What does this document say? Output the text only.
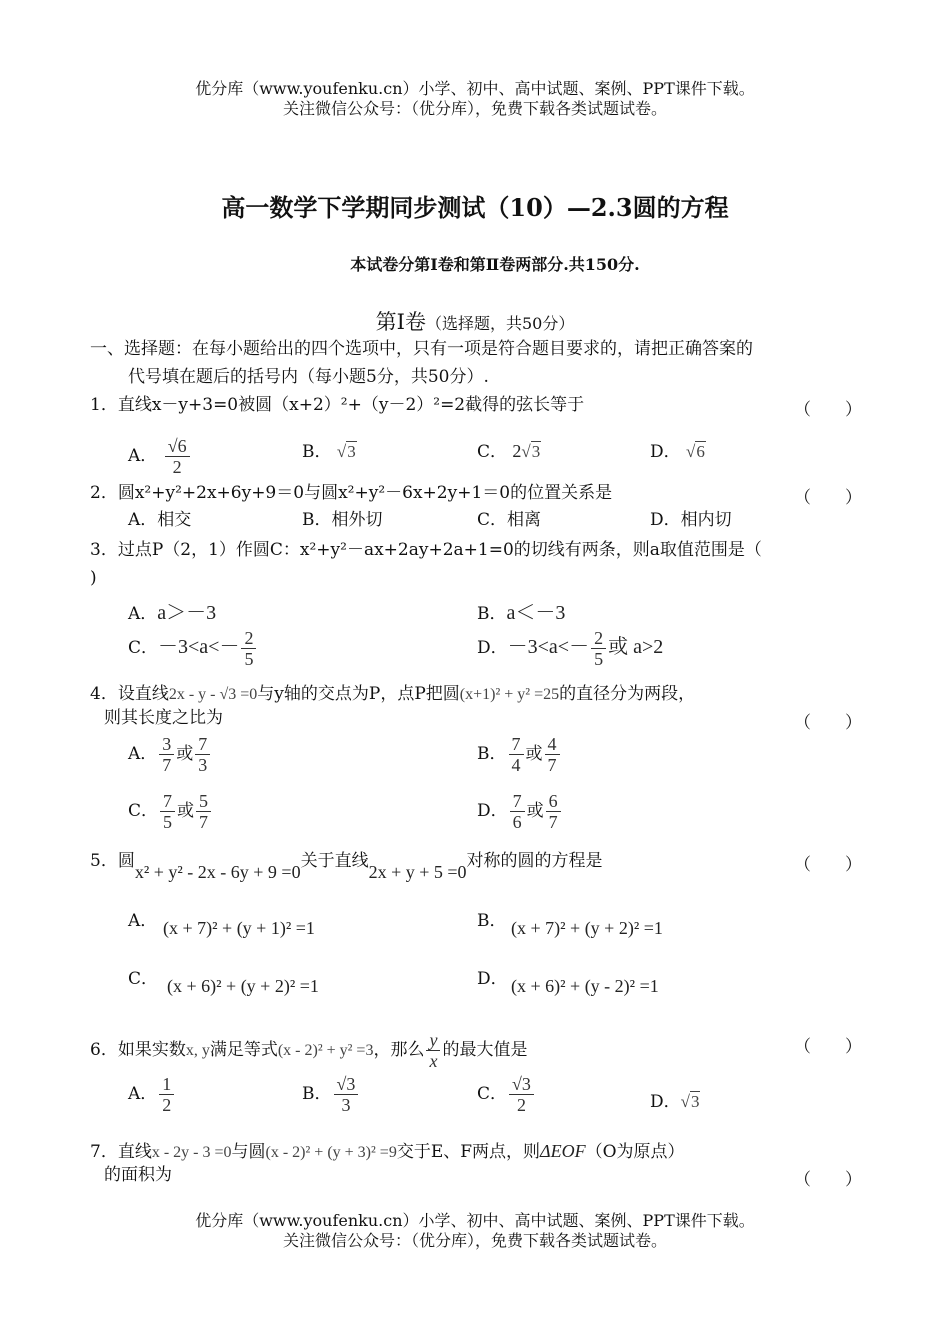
优分库（www.youfenku.cn）小学、初中、高中试题、案例、PPT课件下载。
关注微信公众号：（优分库），免费下载各类试题试卷。
高一数学下学期同步测试（10）—2.3圆的方程
本试卷分第Ⅰ卷和第Ⅱ卷两部分.共150分.
第Ⅰ卷（选择题，共50分）
一、选择题：在每小题给出的四个选项中，只有一项是符合题目要求的，请把正确答案的
代号填在题后的括号内（每小题5分，共50分）.
1．直线x－y+3=0被圆（x+2）²+（y－2）²=2截得的弦长等于	（　　）
A． $\frac{√6}{2}$	B． √3	C． 2√3	D． √6
2．圆x²+y²+2x+6y+9＝0与圆x²+y²－6x+2y+1＝0的位置关系是	（　　）
A．相交	B．相外切	C．相离	D．相内切
3．过点P（2，1）作圆C：x²+y²－ax+2ay+2a+1=0的切线有两条，则a取值范围是（
)
A．a＞－3	B．a＜－3
C．$-3<a<- \frac{2}{5}$	D．$-3<a<- \frac{2}{5}$ 或 a>2
4．设直线2x - y - √3 =0与y轴的交点为P，点P把圆(x+1)² + y² =25的直径分为两段，
则其长度之比为	（　　）
A． $\frac{3}{7}$ 或 $\frac{7}{3}$	B． $\frac{7}{4}$ 或 $\frac{4}{7}$
C． $\frac{7}{5}$ 或 $\frac{5}{7}$	D． $\frac{7}{6}$ 或 $\frac{6}{7}$
5．圆x² + y² - 2x - 6y + 9 =0关于直线2x + y + 5 =0对称的圆的方程是	（　　）
A． (x + 7)² + (y + 1)² =1	B． (x + 7)² + (y + 2)² =1
C． (x + 6)² + (y + 2)² =1	D． (x + 6)² + (y - 2)² =1
6．如果实数x, y满足等式(x - 2)² + y² =3，那么 $\frac{y}{x}$ 的最大值是	（　　）
A． $\frac{1}{2}$	B． $\frac{√3}{3}$	C． $\frac{√3}{2}$	D．√3
7．直线x - 2y - 3 =0与圆(x - 2)² + (y + 3)² =9交于E、F两点，则ΔEOF（O为原点）
的面积为	（　　）
优分库（www.youfenku.cn）小学、初中、高中试题、案例、PPT课件下载。
关注微信公众号：（优分库），免费下载各类试题试卷。
